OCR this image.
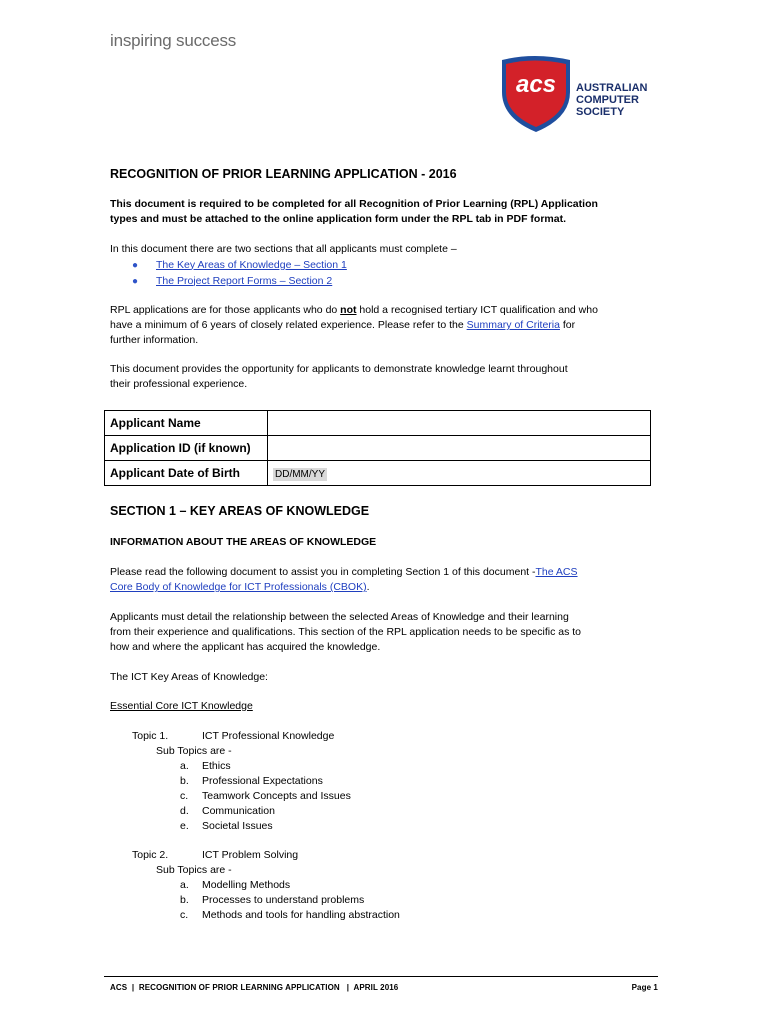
inspiring success
acs AUSTRALIAN
COMPUTER
SOCIETY
RECOGNITION OF PRIOR LEARNING APPLICATION - 2016
This document is required to be completed for all Recognition of Prior Learning (RPL) Application
types and must be attached to the online application form under the RPL tab in PDF format.
In this document there are two sections that all applicants must complete –
●	The Key Areas of Knowledge – Section 1
●	The Project Report Forms – Section 2
RPL applications are for those applicants who do not hold a recognised tertiary ICT qualification and who
have a minimum of 6 years of closely related experience. Please refer to the Summary of Criteria for
further information.
This document provides the opportunity for applicants to demonstrate knowledge learnt throughout
their professional experience.
Applicant Name	
Application ID (if known)	
Applicant Date of Birth	DD/MM/YY
SECTION 1 – KEY AREAS OF KNOWLEDGE
INFORMATION ABOUT THE AREAS OF KNOWLEDGE
Please read the following document to assist you in completing Section 1 of this document -The ACS
Core Body of Knowledge for ICT Professionals (CBOK).
Applicants must detail the relationship between the selected Areas of Knowledge and their learning
from their experience and qualifications. This section of the RPL application needs to be specific as to
how and where the applicant has acquired the knowledge.
The ICT Key Areas of Knowledge:
Essential Core ICT Knowledge
Topic 1.	ICT Professional Knowledge
Sub Topics are -
a. Ethics
b. Professional Expectations
c. Teamwork Concepts and Issues
d. Communication
e. Societal Issues
Topic 2.	ICT Problem Solving
Sub Topics are -
a. Modelling Methods
b. Processes to understand problems
c. Methods and tools for handling abstraction
ACS  |  RECOGNITION OF PRIOR LEARNING APPLICATION   |  APRIL 2016	Page 1
